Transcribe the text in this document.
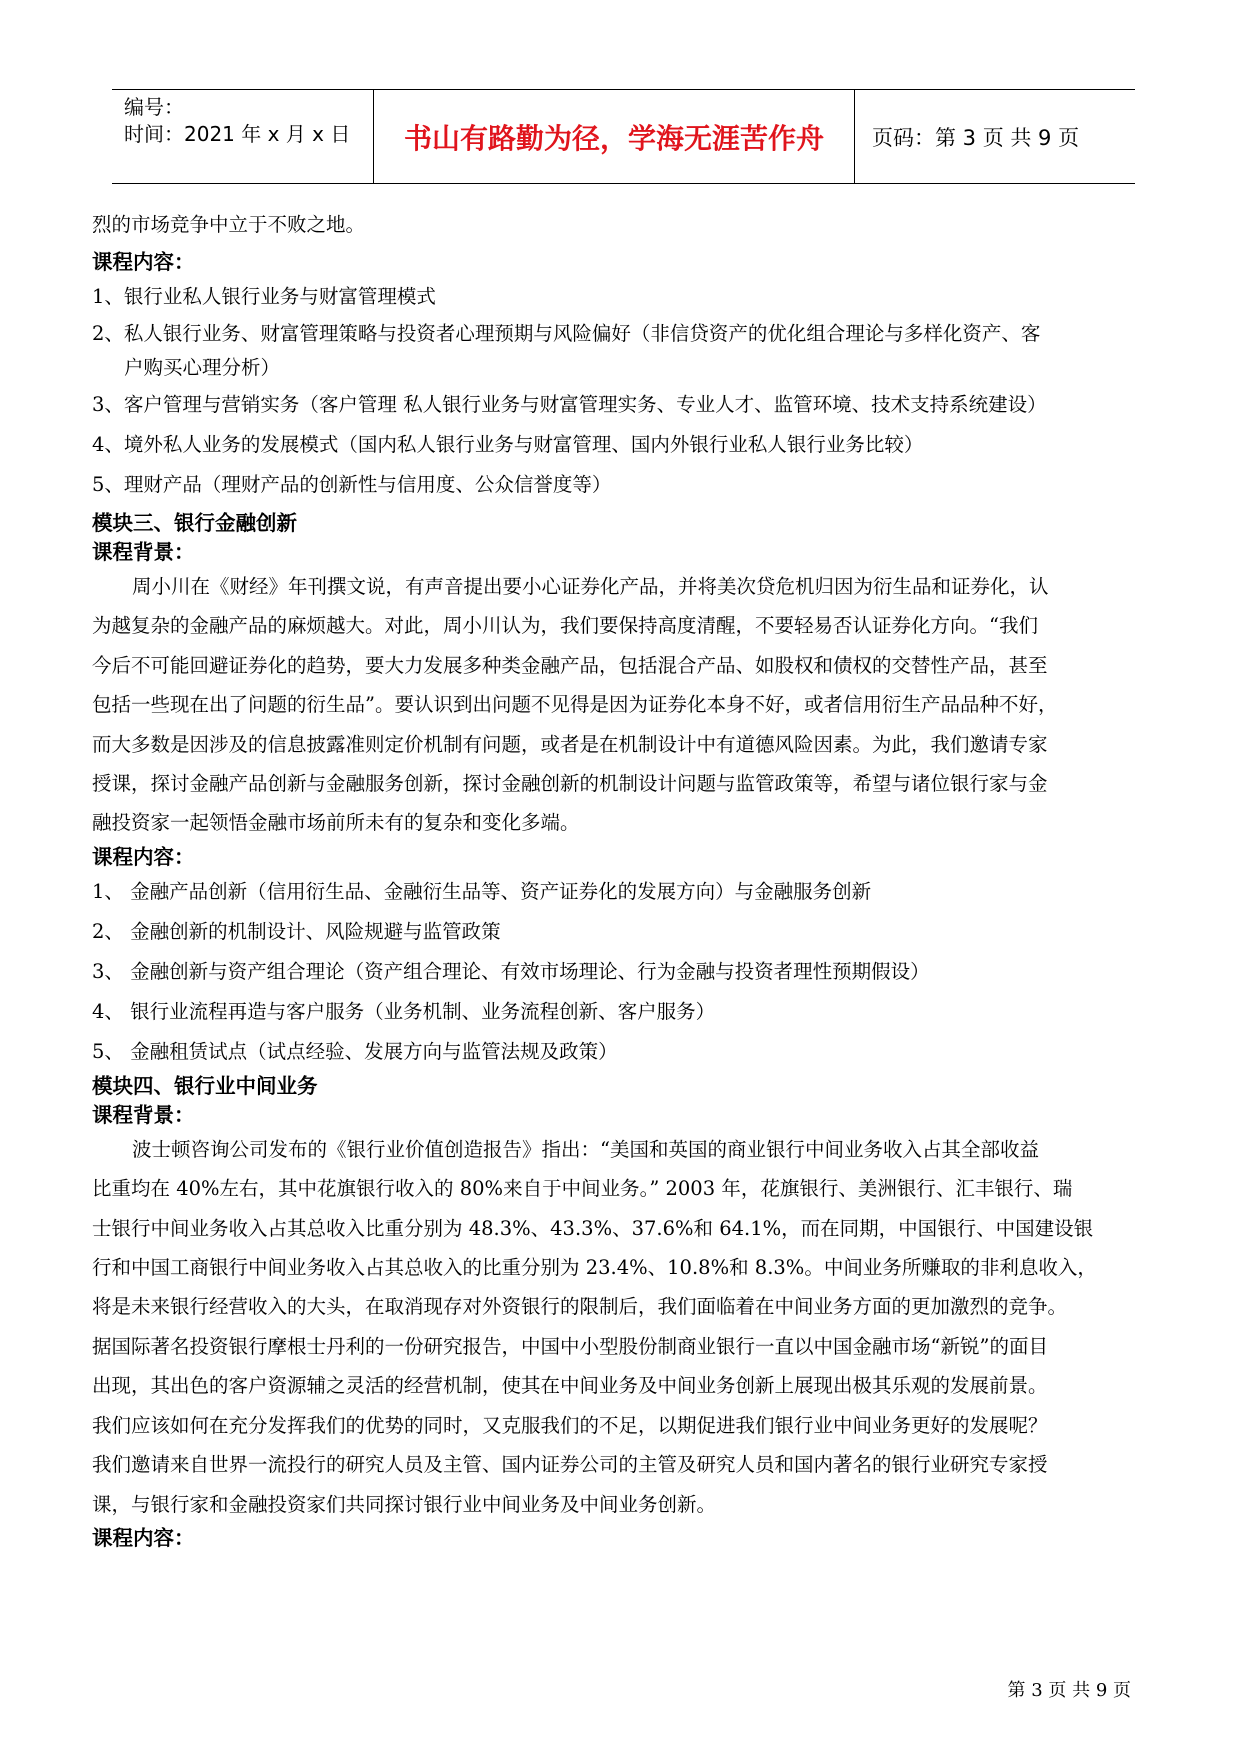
编号：
时间：2021 年 x 月 x 日	书山有路勤为径，学海无涯苦作舟	页码：第 3 页 共 9 页

烈的市场竞争中立于不败之地。

课程内容：

1、银行业私人银行业务与财富管理模式

2、私人银行业务、财富管理策略与投资者心理预期与风险偏好（非信贷资产的优化组合理论与多样化资产、客

户购买心理分析）

3、客户管理与营销实务（客户管理 私人银行业务与财富管理实务、专业人才、监管环境、技术支持系统建设）

4、境外私人业务的发展模式（国内私人银行业务与财富管理、国内外银行业私人银行业务比较）

5、理财产品（理财产品的创新性与信用度、公众信誉度等）

模块三、银行金融创新

课程背景：

周小川在《财经》年刊撰文说，有声音提出要小心证券化产品，并将美次贷危机归因为衍生品和证券化，认

为越复杂的金融产品的麻烦越大。对此，周小川认为，我们要保持高度清醒，不要轻易否认证券化方向。“我们

今后不可能回避证券化的趋势，要大力发展多种类金融产品，包括混合产品、如股权和债权的交替性产品，甚至

包括一些现在出了问题的衍生品”。要认识到出问题不见得是因为证券化本身不好，或者信用衍生产品品种不好，

而大多数是因涉及的信息披露准则定价机制有问题，或者是在机制设计中有道德风险因素。为此，我们邀请专家

授课，探讨金融产品创新与金融服务创新，探讨金融创新的机制设计问题与监管政策等，希望与诸位银行家与金

融投资家一起领悟金融市场前所未有的复杂和变化多端。

课程内容：

1、 金融产品创新（信用衍生品、金融衍生品等、资产证券化的发展方向）与金融服务创新

2、 金融创新的机制设计、风险规避与监管政策

3、 金融创新与资产组合理论（资产组合理论、有效市场理论、行为金融与投资者理性预期假设）

4、 银行业流程再造与客户服务（业务机制、业务流程创新、客户服务）

5、 金融租赁试点（试点经验、发展方向与监管法规及政策）

模块四、银行业中间业务

课程背景：

波士顿咨询公司发布的《银行业价值创造报告》指出：“美国和英国的商业银行中间业务收入占其全部收益

比重均在 40%左右，其中花旗银行收入的 80%来自于中间业务。” 2003 年，花旗银行、美洲银行、汇丰银行、瑞

士银行中间业务收入占其总收入比重分别为 48.3%、43.3%、37.6%和 64.1%，而在同期，中国银行、中国建设银

行和中国工商银行中间业务收入占其总收入的比重分别为 23.4%、10.8%和 8.3%。中间业务所赚取的非利息收入，

将是未来银行经营收入的大头，在取消现存对外资银行的限制后，我们面临着在中间业务方面的更加激烈的竞争。

据国际著名投资银行摩根士丹利的一份研究报告，中国中小型股份制商业银行一直以中国金融市场“新锐”的面目

出现，其出色的客户资源辅之灵活的经营机制，使其在中间业务及中间业务创新上展现出极其乐观的发展前景。

我们应该如何在充分发挥我们的优势的同时，又克服我们的不足，以期促进我们银行业中间业务更好的发展呢？

我们邀请来自世界一流投行的研究人员及主管、国内证券公司的主管及研究人员和国内著名的银行业研究专家授

课，与银行家和金融投资家们共同探讨银行业中间业务及中间业务创新。

课程内容：

第 3 页 共 9 页
